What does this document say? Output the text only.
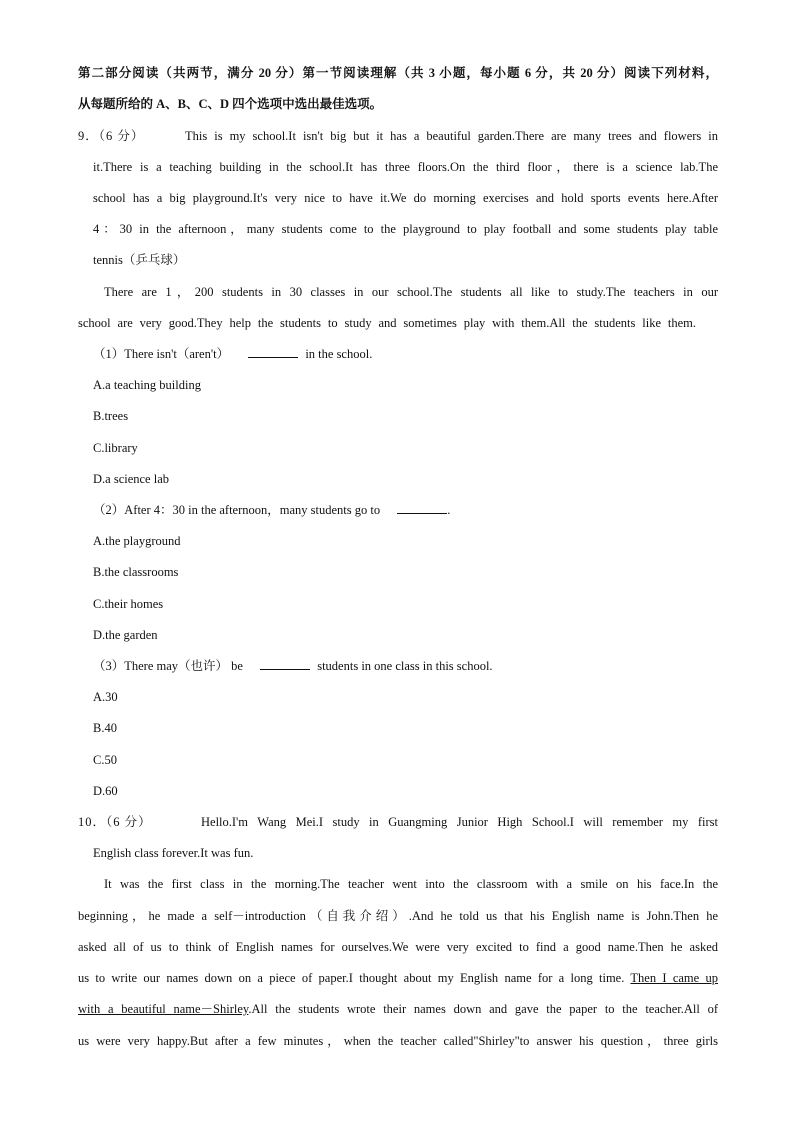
第二部分阅读（共两节，满分 20 分）第一节阅读理解（共 3 小题，每小题 6 分，共 20 分）阅读下列材料，
从每题所给的 A、B、C、D 四个选项中选出最佳选项。
9．（6 分）	This is my school.It isn't big but it has a beautiful garden.There are many trees and flowers in
it.There is a teaching building in the school.It has three floors.On the third floor，there is a science lab.The
school has a big playground.It's very nice to have it.We do morning exercises and hold sports events here.After
4：30 in the afternoon，many students come to the playground to play football and some students play table
tennis（乒乓球）
There are 1，200 students in 30 classes in our school.The students all like to study.The teachers in our
school are very good.They help the students to study and sometimes play with them.All the students like them.
（1）There isn't（aren't）	in the school.
A.a teaching building
B.trees
C.library
D.a science lab
（2）After 4：30 in the afternoon，many students go to	.
A.the playground
B.the classrooms
C.their homes
D.the garden
（3）There may（也许） be	students in one class in this school.
A.30
B.40
C.50
D.60
10．（6 分）	Hello.I'm Wang Mei.I study in Guangming Junior High School.I will remember my first
English class forever.It was fun.
It was the first class in the morning.The teacher went into the classroom with a smile on his face.In the
beginning，he made a self－introduction（自我介绍）.And he told us that his English name is John.Then he
asked all of us to think of English names for ourselves.We were very excited to find a good name.Then he asked
us to write our names down on a piece of paper.I thought about my English name for a long time. Then I came up
with a beautiful name－Shirley.All the students wrote their names down and gave the paper to the teacher.All of
us were very happy.But after a few minutes，when the teacher called"Shirley"to answer his question，three girls
